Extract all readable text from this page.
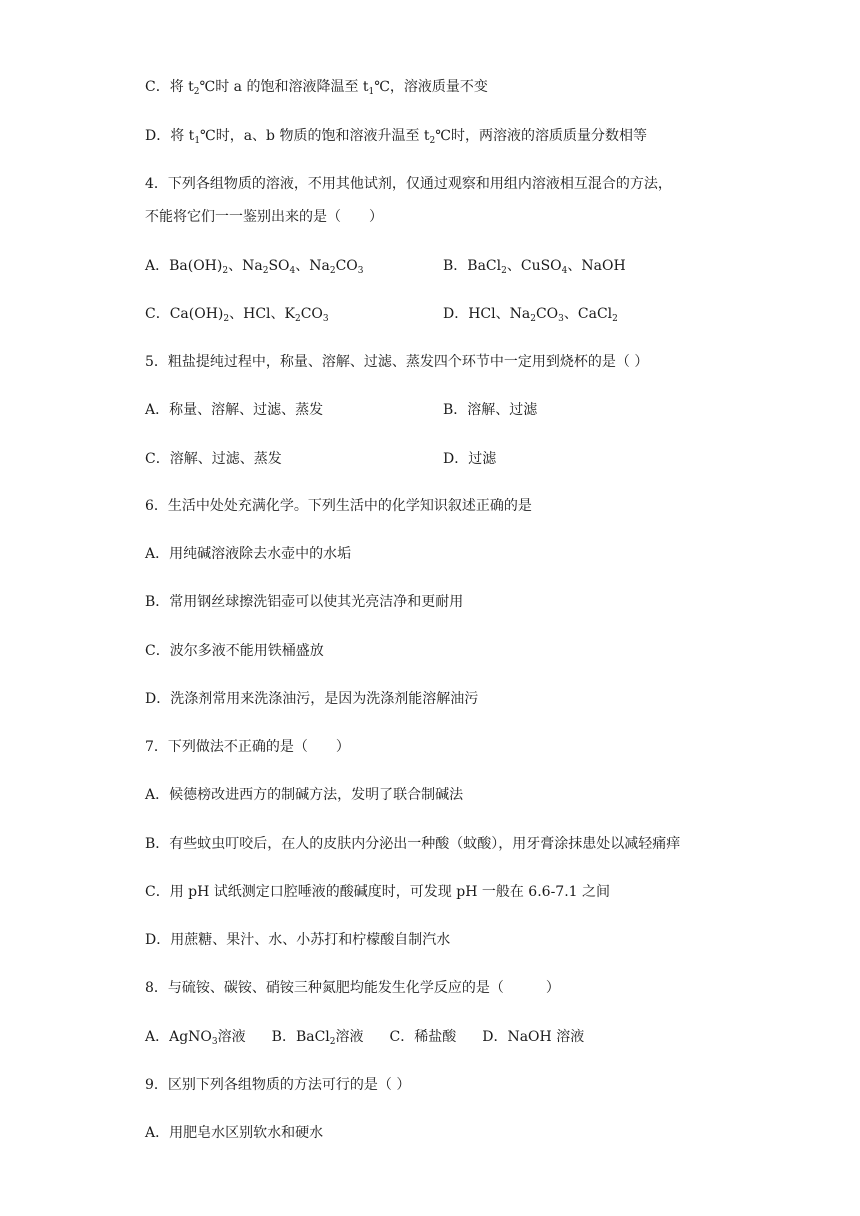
C．将 $t_2℃$时 a 的饱和溶液降温至 $t_1℃$，溶液质量不变
D．将 $t_1℃$时，a、b 物质的饱和溶液升温至 $t_2℃$时，两溶液的溶质质量分数相等
4．下列各组物质的溶液，不用其他试剂，仅通过观察和用组内溶液相互混合的方法，
不能将它们一一鉴别出来的是（　　）
A．$Ba(OH)_2$、$Na_2SO_4$、$Na_2CO_3$	B．BaCl$_2$、CuSO$_4$、NaOH
C．$Ca(OH)_2$、HCl、$K_2CO_3$	D．HCl、$Na_2CO_3$、CaCl$_2$
5．粗盐提纯过程中，称量、溶解、过滤、蒸发四个环节中一定用到烧杯的是（ ）
A．称量、溶解、过滤、蒸发	B．溶解、过滤
C．溶解、过滤、蒸发	D．过滤
6．生活中处处充满化学。下列生活中的化学知识叙述正确的是
A．用纯碱溶液除去水壶中的水垢
B．常用钢丝球擦洗铝壶可以使其光亮洁净和更耐用
C．波尔多液不能用铁桶盛放
D．洗涤剂常用来洗涤油污，是因为洗涤剂能溶解油污
7．下列做法不正确的是（　　）
A．候德榜改进西方的制碱方法，发明了联合制碱法
B．有些蚊虫叮咬后，在人的皮肤内分泌出一种酸（蚊酸），用牙膏涂抹患处以减轻痛痒
C．用 pH 试纸测定口腔唾液的酸碱度时，可发现 pH 一般在 6.6-7.1 之间
D．用蔗糖、果汁、水、小苏打和柠檬酸自制汽水
8．与硫铵、碳铵、硝铵三种氮肥均能发生化学反应的是（　　　）
A．AgNO$_3$溶液 B．BaCl$_2$溶液 C．稀盐酸 D．NaOH 溶液
9．区别下列各组物质的方法可行的是（ ）
A．用肥皂水区别软水和硬水
